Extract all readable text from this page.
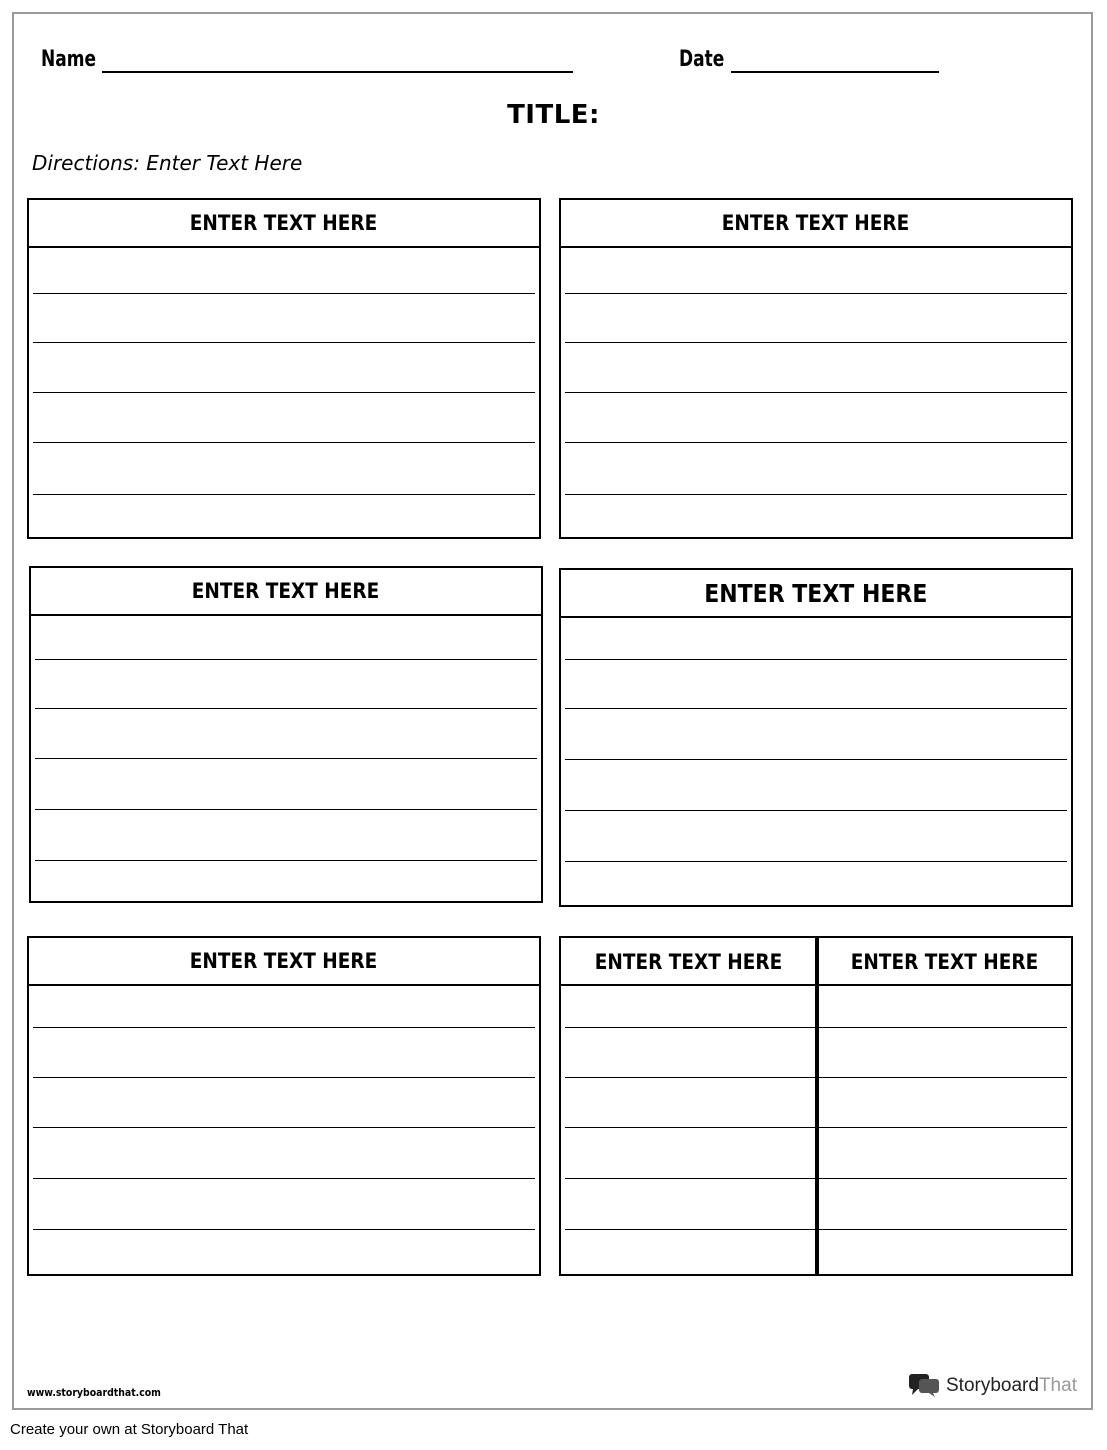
Name	Date
TITLE:
Directions: Enter Text Here
ENTER TEXT HERE	ENTER TEXT HERE
ENTER TEXT HERE	ENTER TEXT HERE
ENTER TEXT HERE	ENTER TEXT HERE	ENTER TEXT HERE
www.storyboardthat.com	StoryboardThat
Create your own at Storyboard That
